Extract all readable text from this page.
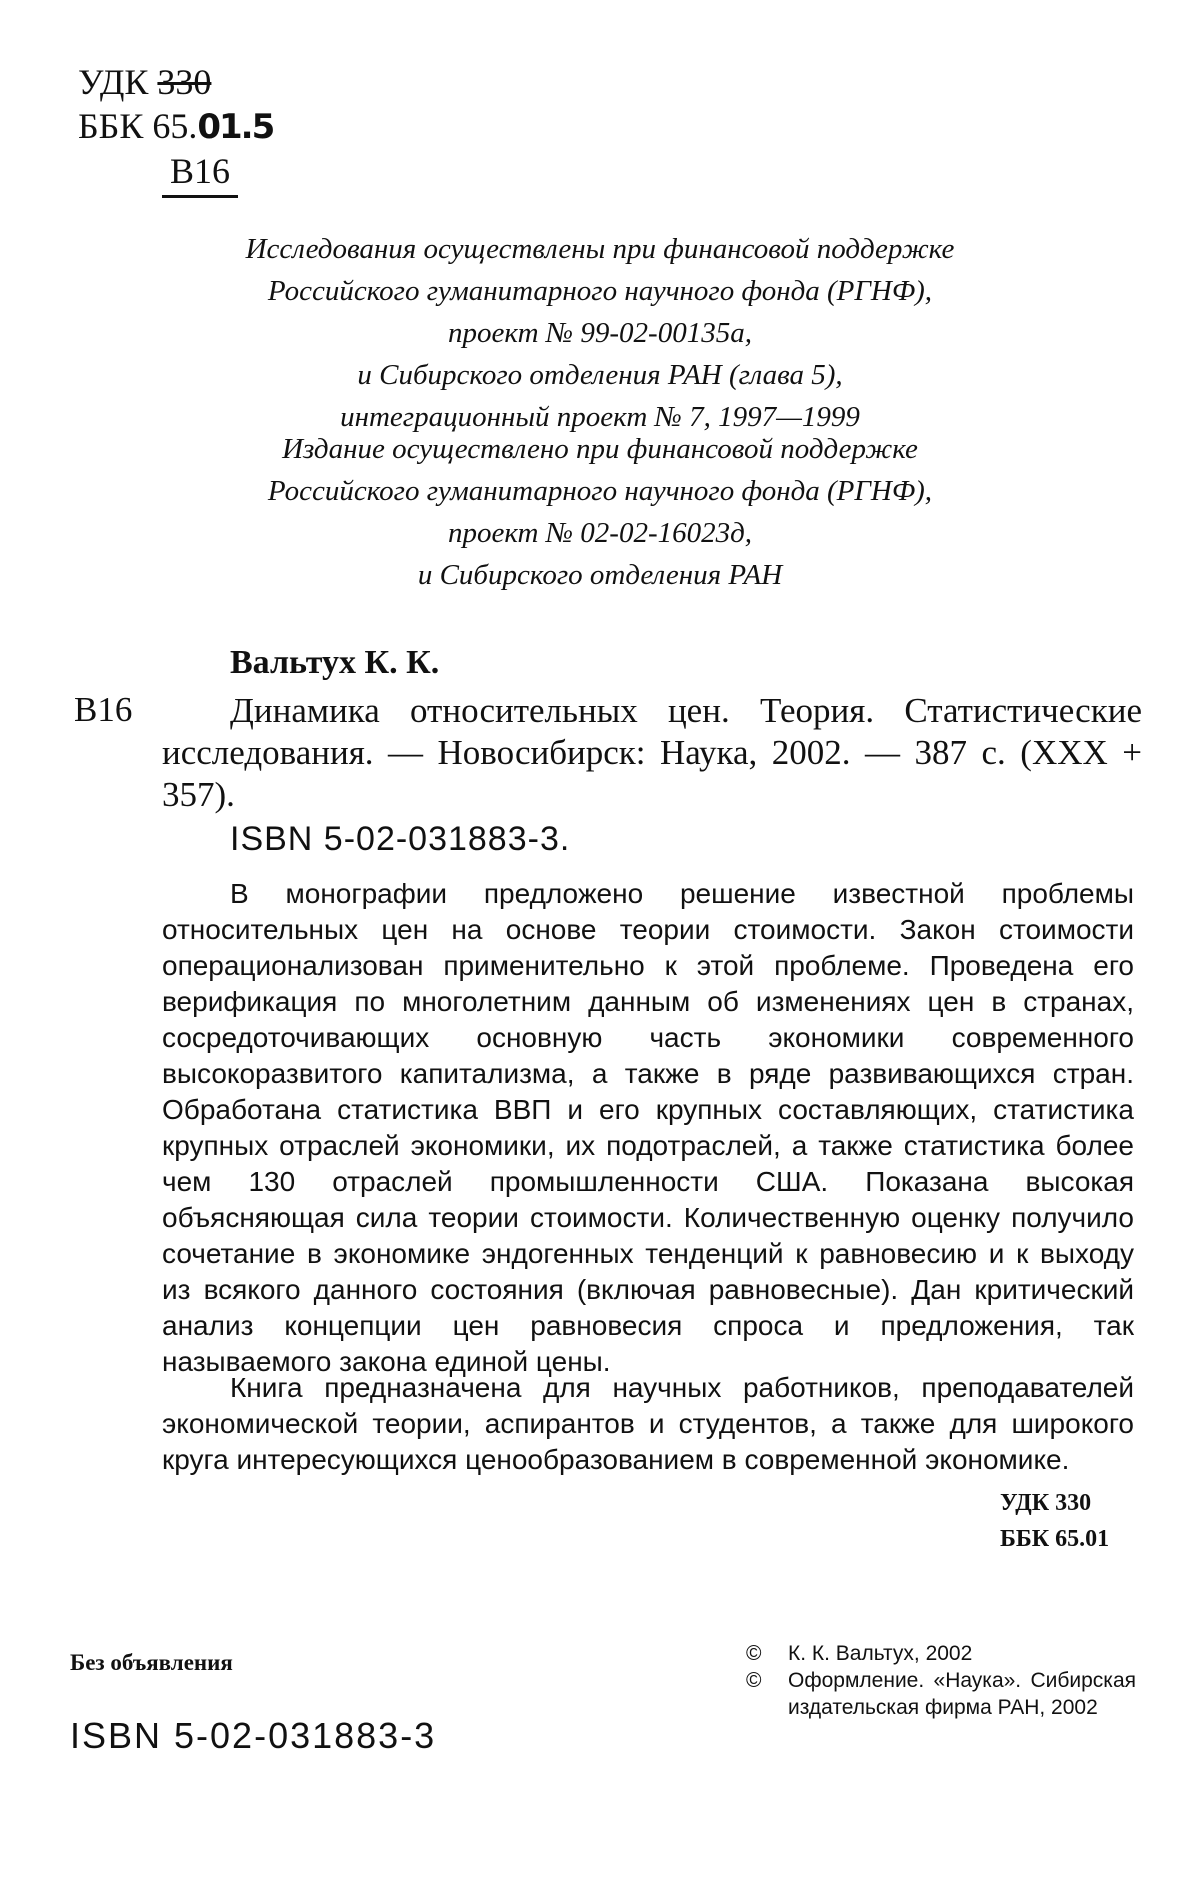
УДК 330
ББК 65.01.5
В16

Исследования осуществлены при финансовой поддержке

Российского гуманитарного научного фонда (РГНФ),

проект № 99-02-00135а,

и Сибирского отделения РАН (глава 5),

интеграционный проект № 7, 1997—1999

Издание осуществлено при финансовой поддержке

Российского гуманитарного научного фонда (РГНФ),

проект № 02-02-16023д,

и Сибирского отделения РАН

Вальтух К. К.
В16	Динамика относительных цен. Теория. Статистические исследования. — Новосибирск: Наука, 2002. — 387 с. (XXX + 357).
ISBN 5-02-031883-3.

В монографии предложено решение известной проблемы относительных цен на основе теории стоимости. Закон стоимости операционализован применительно к этой проблеме. Проведена его верификация по многолетним данным об изменениях цен в странах, сосредоточивающих основную часть экономики современного высокоразвитого капитализма, а также в ряде развивающихся стран. Обработана статистика ВВП и его крупных составляющих, статистика крупных отраслей экономики, их подотраслей, а также статистика более чем 130 отраслей промышленности США. Показана высокая объясняющая сила теории стоимости. Количественную оценку получило сочетание в экономике эндогенных тенденций к равновесию и к выходу из всякого данного состояния (включая равновесные). Дан критический анализ концепции цен равновесия спроса и предложения, так называемого закона единой цены.

Книга предназначена для научных работников, преподавателей экономической теории, аспирантов и студентов, а также для широкого круга интересующихся ценообразованием в современной экономике.

УДК 330
ББК 65.01
Без объявления
ISBN 5-02-031883-3
©	К. К. Вальтух, 2002
©	Оформление. «Наука». Сибирская издательская фирма РАН, 2002
